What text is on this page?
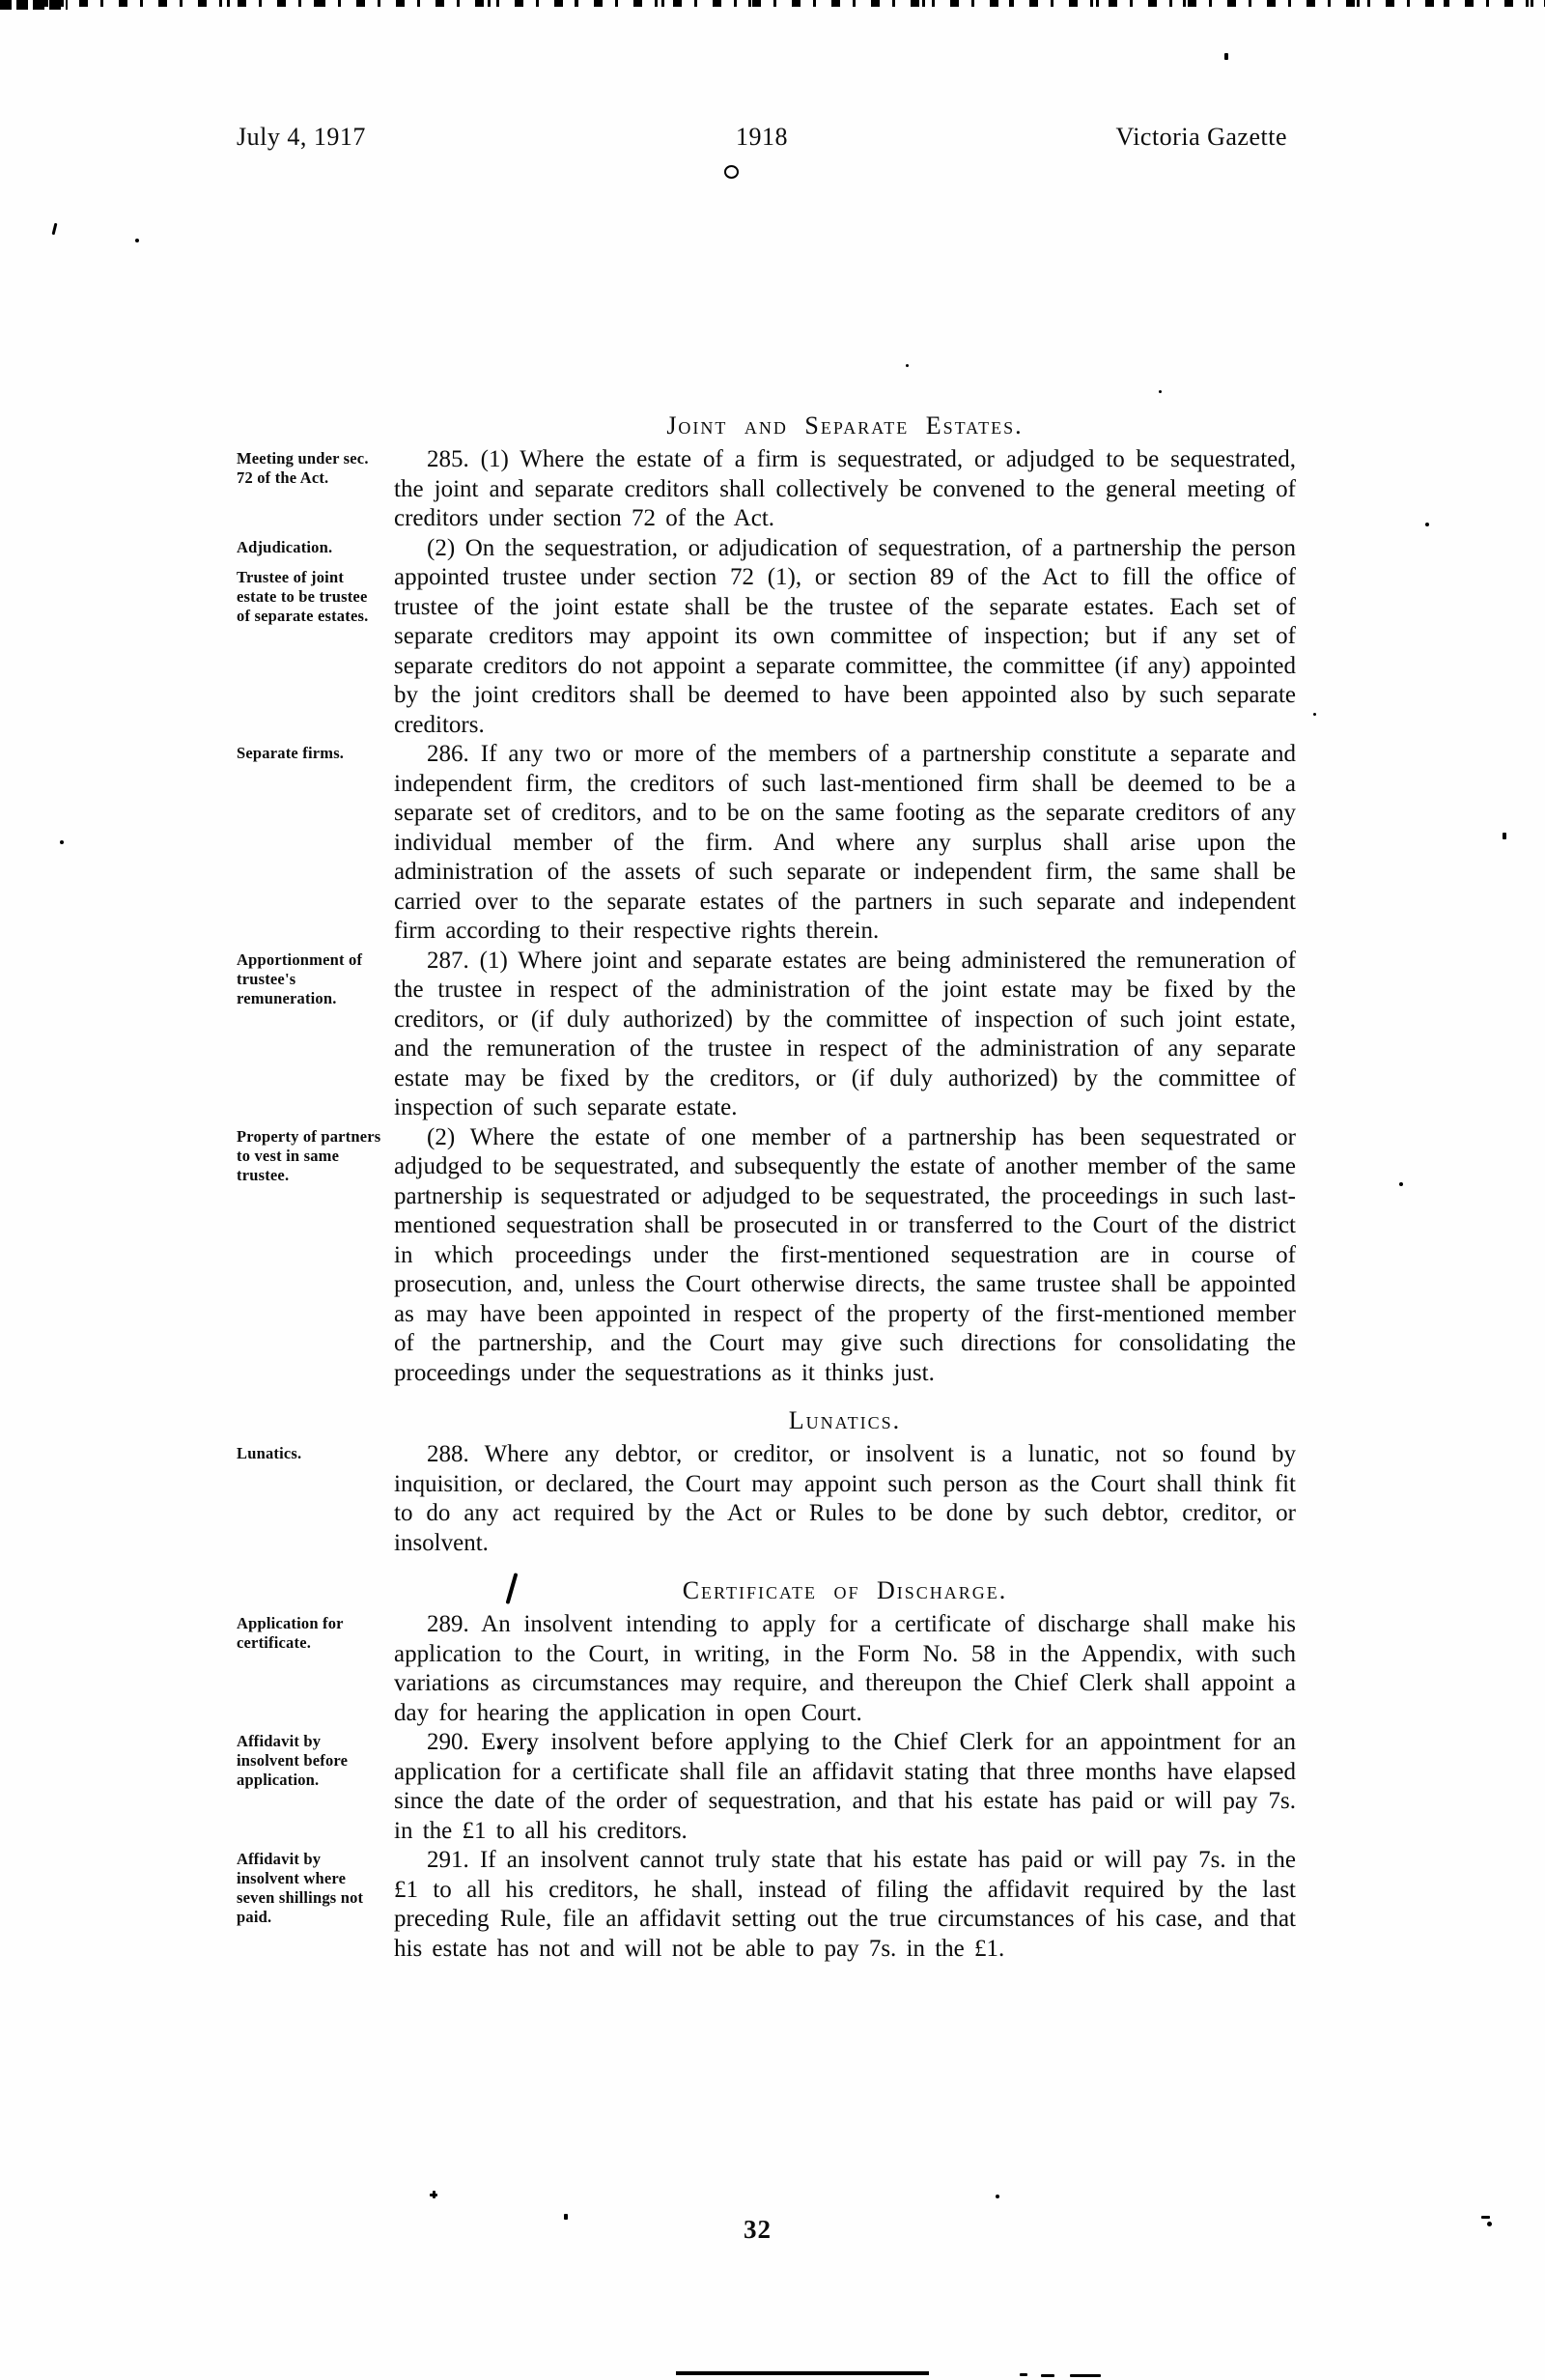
July 4, 1917	1918	Victoria Gazette
Joint and Separate Estates.

Meeting under sec. 72 of the Act.
285. (1) Where the estate of a firm is sequestrated, or adjudged to be sequestrated, the joint and separate creditors shall collectively be convened to the general meeting of creditors under section 72 of the Act.

Adjudication.
Trustee of joint estate to be trustee of separate estates.
(2) On the sequestration, or adjudication of sequestration, of a partnership the person appointed trustee under section 72 (1), or section 89 of the Act to fill the office of trustee of the joint estate shall be the trustee of the separate estates. Each set of separate creditors may appoint its own committee of inspection; but if any set of separate creditors do not appoint a separate committee, the committee (if any) appointed by the joint creditors shall be deemed to have been appointed also by such separate creditors.

Separate firms.	286. If any two or more of the members of a partnership constitute a separate and independent firm, the creditors of such last-mentioned firm shall be deemed to be a separate set of creditors, and to be on the same footing as the separate creditors of any individual member of the firm. And where any surplus shall arise upon the administration of the assets of such separate or independent firm, the same shall be carried over to the separate estates of the partners in such separate and independent firm according to their respective rights therein.

Apportionment of trustee's remuneration.
287. (1) Where joint and separate estates are being administered the remuneration of the trustee in respect of the administration of the joint estate may be fixed by the creditors, or (if duly authorized) by the committee of inspection of such joint estate, and the remuneration of the trustee in respect of the administration of any separate estate may be fixed by the creditors, or (if duly authorized) by the committee of inspection of such separate estate.

Property of partners to vest in same trustee.
(2) Where the estate of one member of a partnership has been sequestrated or adjudged to be sequestrated, and subsequently the estate of another member of the same partnership is sequestrated or adjudged to be sequestrated, the proceedings in such last-mentioned sequestration shall be prosecuted in or transferred to the Court of the district in which proceedings under the first-mentioned sequestration are in course of prosecution, and, unless the Court otherwise directs, the same trustee shall be appointed as may have been appointed in respect of the property of the first-mentioned member of the partnership, and the Court may give such directions for consolidating the proceedings under the sequestrations as it thinks just.

Lunatics.

Lunatics.	288. Where any debtor, or creditor, or insolvent is a lunatic, not so found by inquisition, or declared, the Court may appoint such person as the Court shall think fit to do any act required by the Act or Rules to be done by such debtor, creditor, or insolvent.

Certificate of Discharge.

Application for certificate.
289. An insolvent intending to apply for a certificate of discharge shall make his application to the Court, in writing, in the Form No. 58 in the Appendix, with such variations as circumstances may require, and thereupon the Chief Clerk shall appoint a day for hearing the application in open Court.

Affidavit by insolvent before application.
290. Every insolvent before applying to the Chief Clerk for an appointment for an application for a certificate shall file an affidavit stating that three months have elapsed since the date of the order of sequestration, and that his estate has paid or will pay 7s. in the £1 to all his creditors.

Affidavit by insolvent where seven shillings not paid.
291. If an insolvent cannot truly state that his estate has paid or will pay 7s. in the £1 to all his creditors, he shall, instead of filing the affidavit required by the last preceding Rule, file an affidavit setting out the true circumstances of his case, and that his estate has not and will not be able to pay 7s. in the £1.

32
